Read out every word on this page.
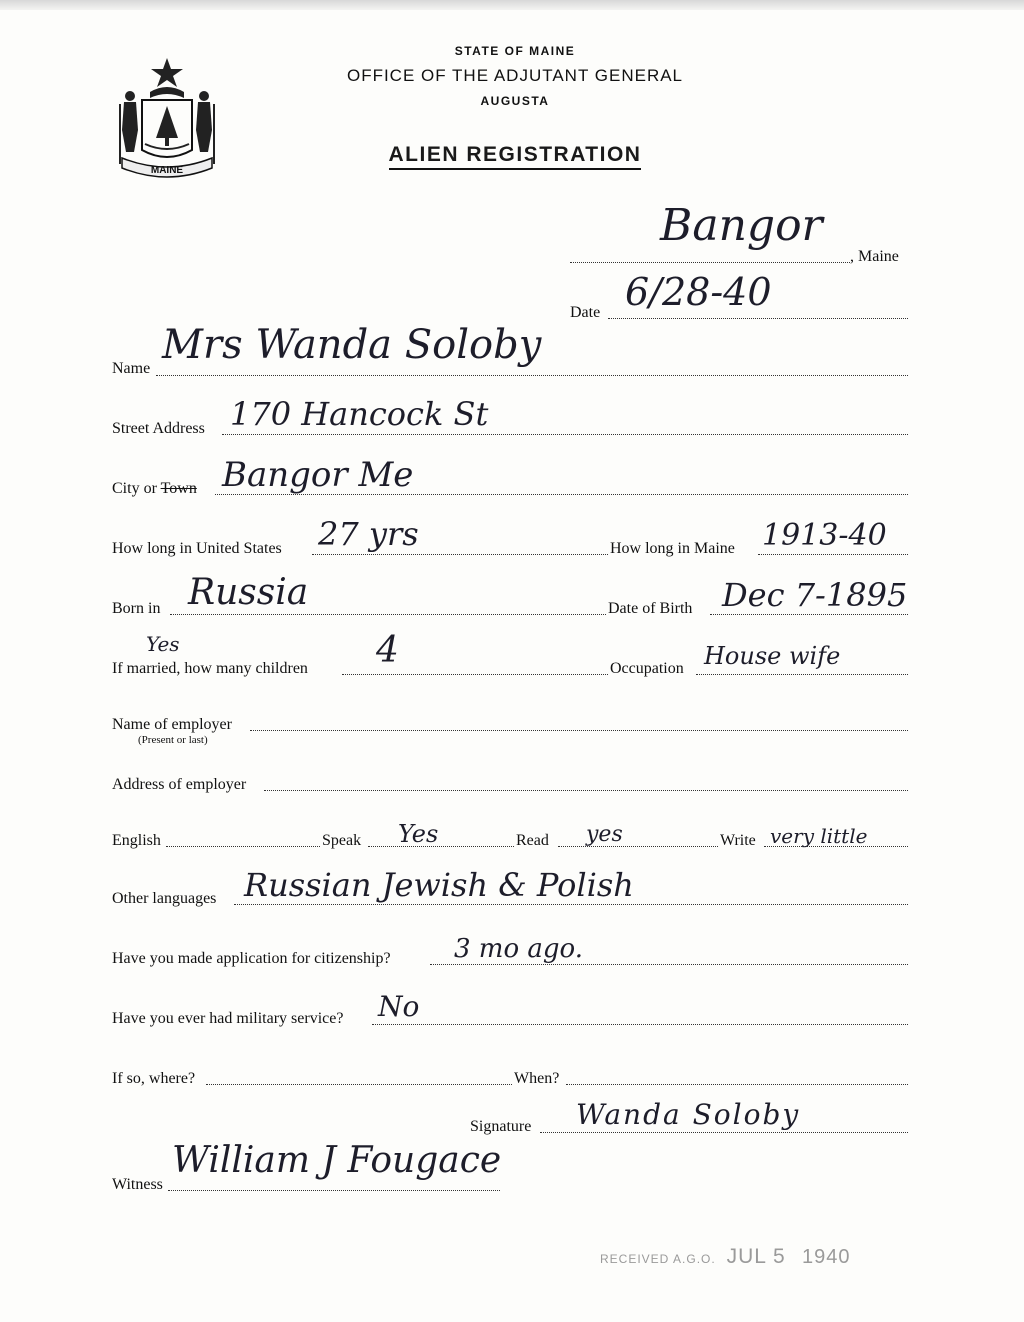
MAINE
STATE OF MAINE
OFFICE OF THE ADJUTANT GENERAL
AUGUSTA
ALIEN REGISTRATION
Bangor
, Maine
Date 6/28-40
Name
Mrs Wanda Soloby
Street Address 170 Hancock St
City or Town Bangor Me
How long in United States 27 yrs	How long in Maine 1913-40
Born in Russia	Date of Birth Dec 7-1895
Yes
If married, how many children 4	Occupation House wife
Name of employer
(Present or last)
Address of employer
English	Speak Yes	Read yes	Write very little
Other languages Russian Jewish & Polish
Have you made application for citizenship? 3 mo ago.
Have you ever had military service? No
If so, where?	When?
Signature Wanda Soloby
Witness
William J Fougace
RECEIVED A.G.O. JUL 5 1940
